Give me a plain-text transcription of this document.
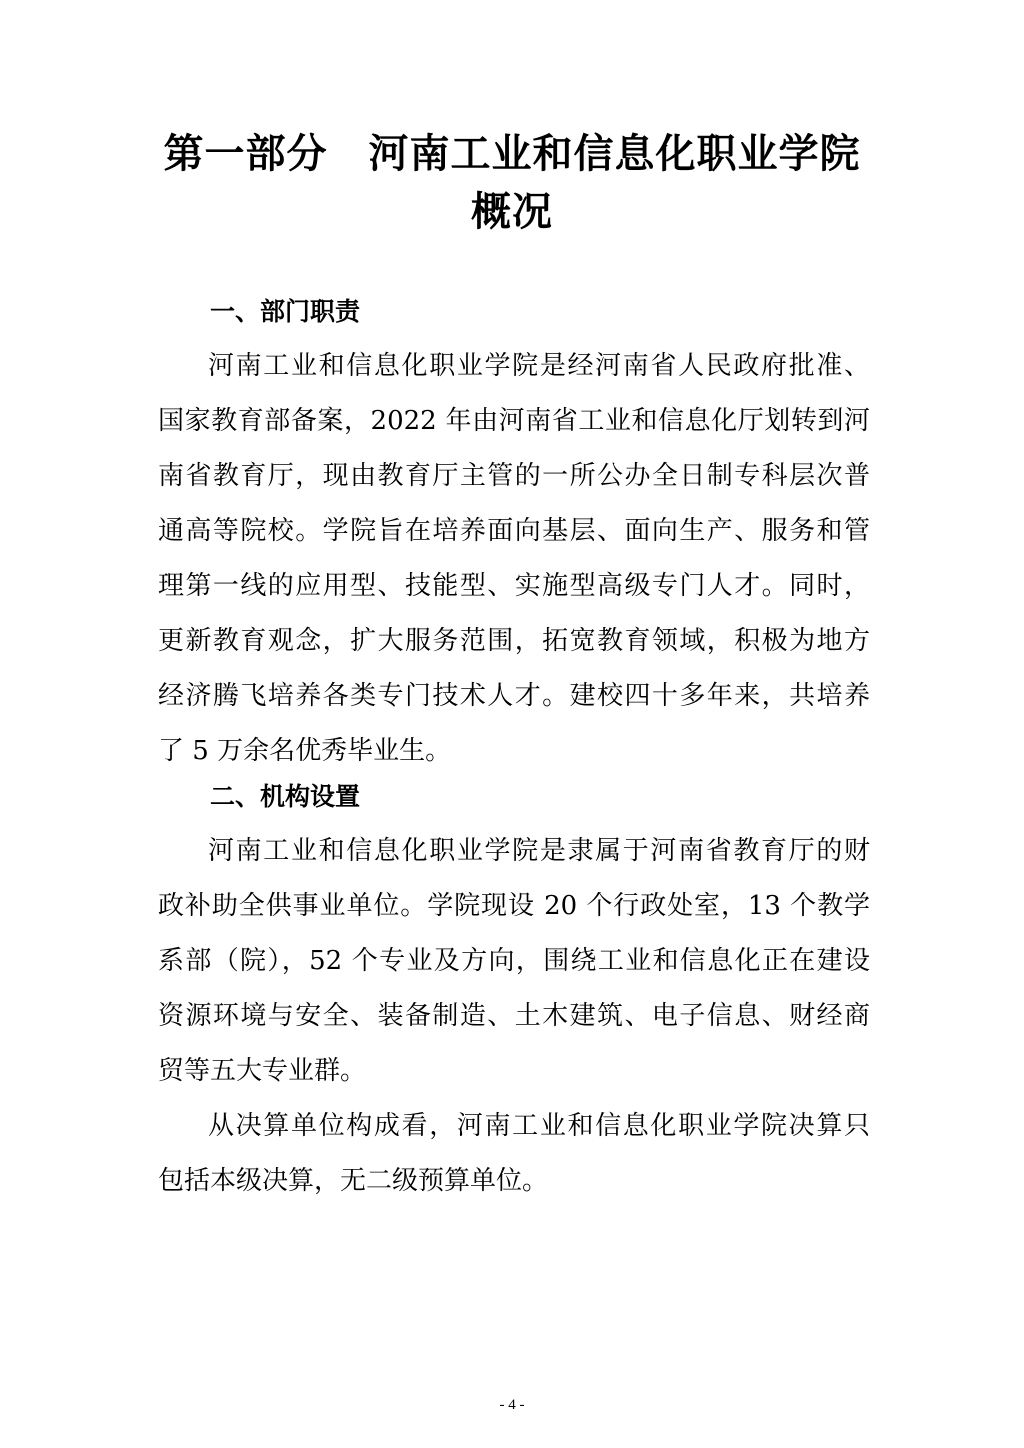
第一部分　河南工业和信息化职业学院
概况
一、部门职责

河南工业和信息化职业学院是经河南省人民政府批准、

国家教育部备案，2022 年由河南省工业和信息化厅划转到河

南省教育厅，现由教育厅主管的一所公办全日制专科层次普

通高等院校。学院旨在培养面向基层、面向生产、服务和管

理第一线的应用型、技能型、实施型高级专门人才。同时，

更新教育观念，扩大服务范围，拓宽教育领域，积极为地方

经济腾飞培养各类专门技术人才。建校四十多年来，共培养

了 5 万余名优秀毕业生。

二、机构设置

河南工业和信息化职业学院是隶属于河南省教育厅的财

政补助全供事业单位。学院现设 20 个行政处室，13 个教学

系部（院），52 个专业及方向，围绕工业和信息化正在建设

资源环境与安全、装备制造、土木建筑、电子信息、财经商

贸等五大专业群。

从决算单位构成看，河南工业和信息化职业学院决算只

包括本级决算，无二级预算单位。

- 4 -
